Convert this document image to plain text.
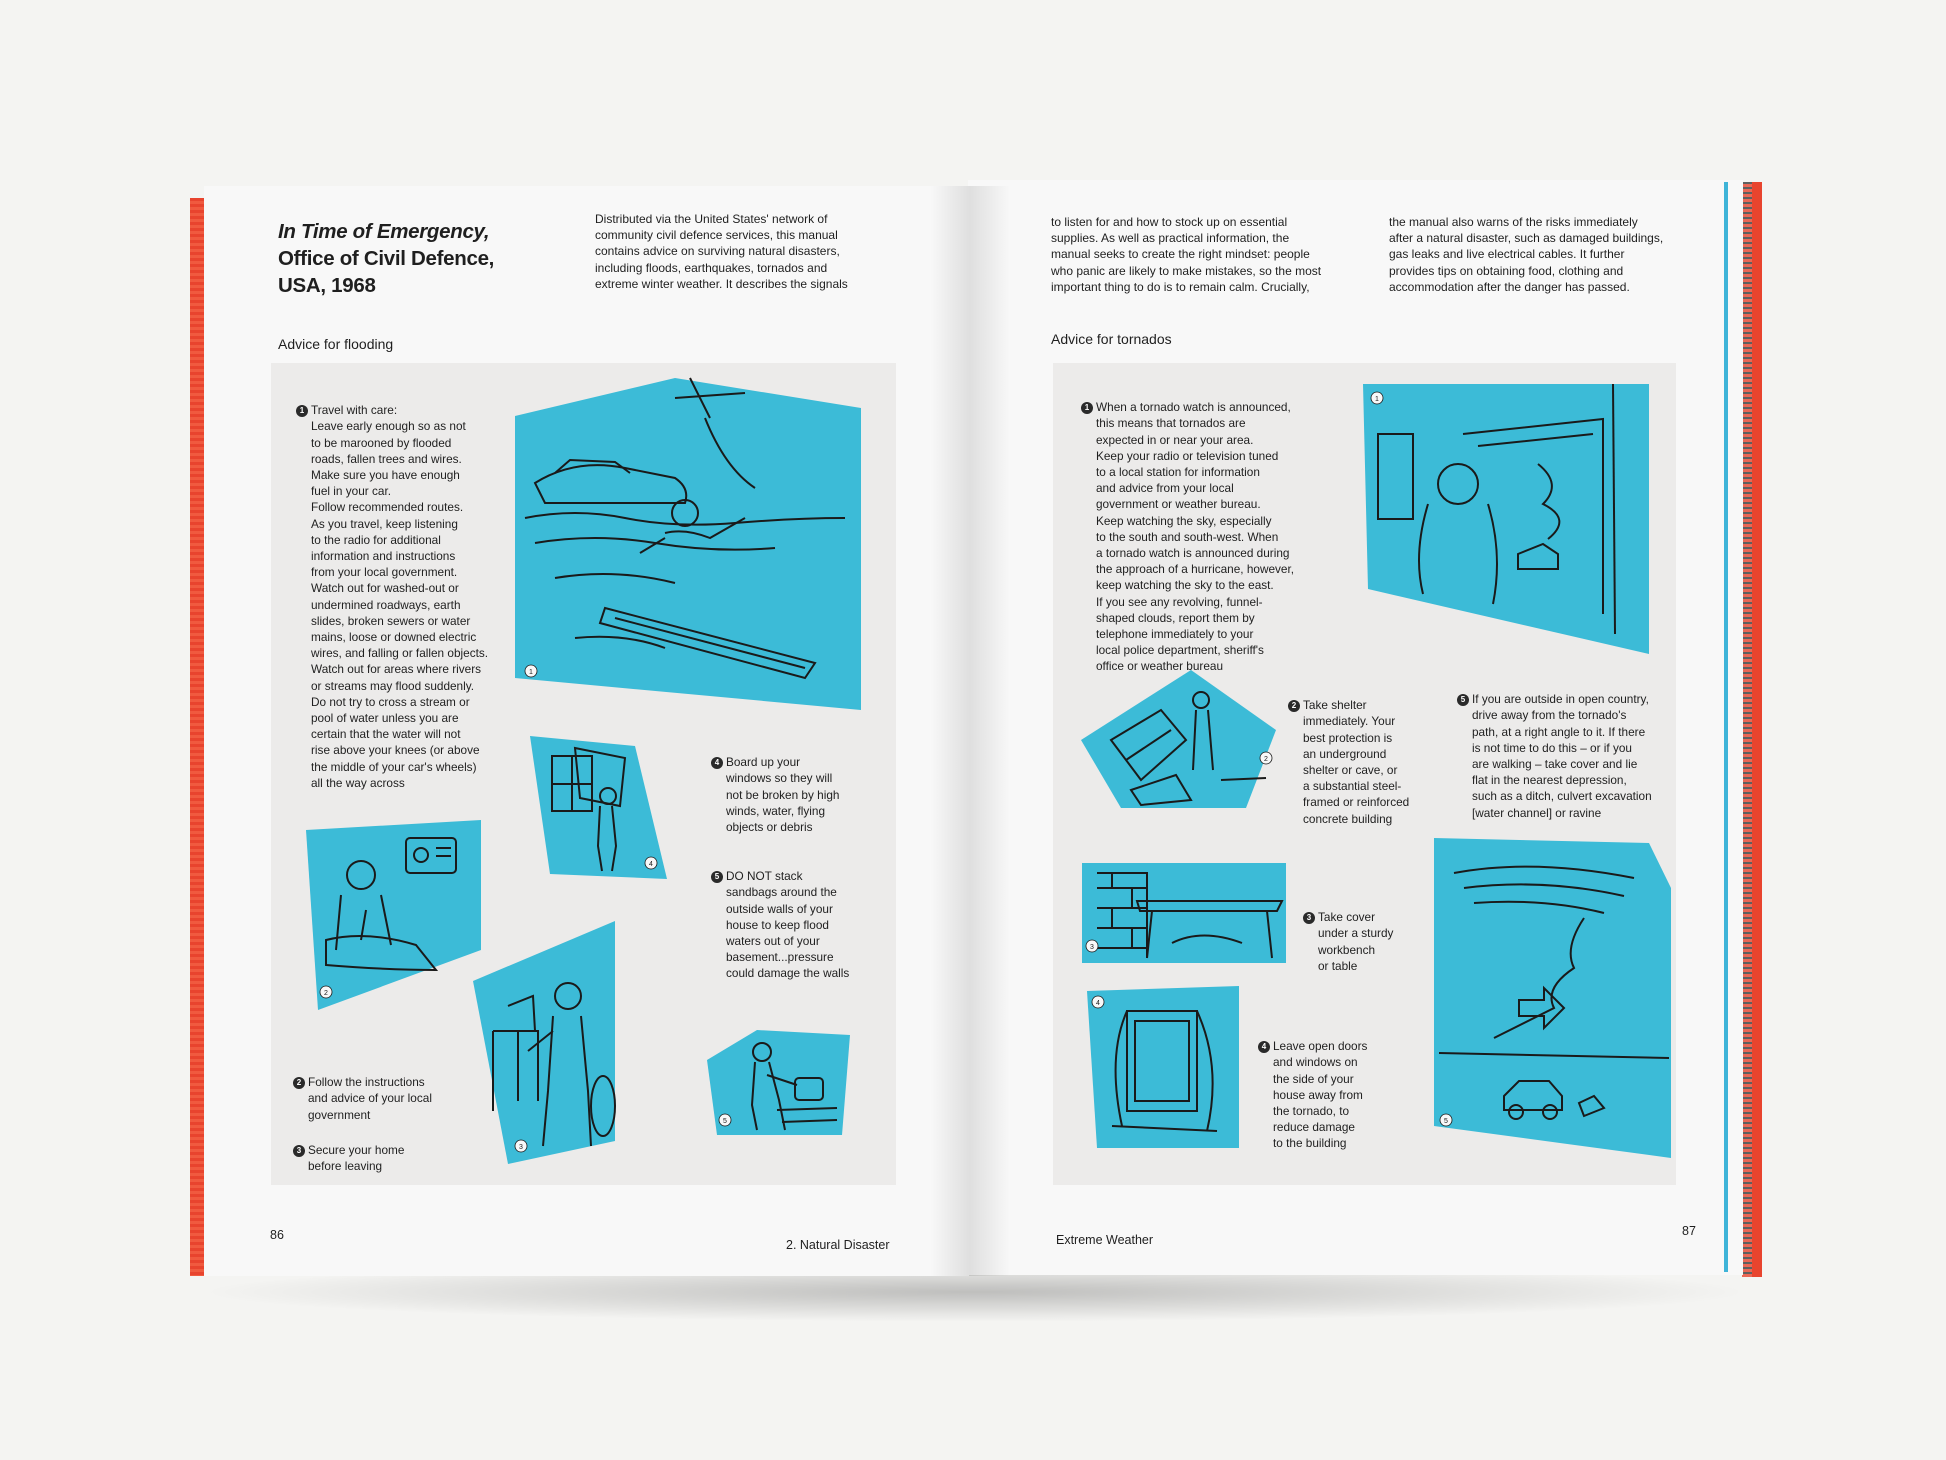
In Time of Emergency,
Office of Civil Defence,
USA, 1968
Distributed via the United States' network of
community civil defence services, this manual
contains advice on surviving natural disasters,
including floods, earthquakes, tornados and
extreme winter weather. It describes the signals
Advice for flooding
to listen for and how to stock up on essential
supplies. As well as practical information, the
manual seeks to create the right mindset: people
who panic are likely to make mistakes, so the most
important thing to do is to remain calm. Crucially,
the manual also warns of the risks immediately
after a natural disaster, such as damaged buildings,
gas leaks and live electrical cables. It further
provides tips on obtaining food, clothing and
accommodation after the danger has passed.
Advice for tornados

1 Travel with care:
Leave early enough so as not
to be marooned by flooded
roads, fallen trees and wires.
Make sure you have enough
fuel in your car.
Follow recommended routes.
As you travel, keep listening
to the radio for additional
information and instructions
from your local government.
Watch out for washed-out or
undermined roadways, earth
slides, broken sewers or water
mains, loose or downed electric
wires, and falling or fallen objects.
Watch out for areas where rivers
or streams may flood suddenly.
Do not try to cross a stream or
pool of water unless you are
certain that the water will not
rise above your knees (or above
the middle of your car's wheels)
all the way across

2 Follow the instructions
and advice of your local
government

3 Secure your home
before leaving

4 Board up your
windows so they will
not be broken by high
winds, water, flying
objects or debris

5 DO NOT stack
sandbags around the
outside walls of your
house to keep flood
waters out of your
basement...pressure
could damage the walls

1 When a tornado watch is announced,
this means that tornados are
expected in or near your area.
Keep your radio or television tuned
to a local station for information
and advice from your local
government or weather bureau.
Keep watching the sky, especially
to the south and south-west. When
a tornado watch is announced during
the approach of a hurricane, however,
keep watching the sky to the east.
If you see any revolving, funnel-
shaped clouds, report them by
telephone immediately to your
local police department, sheriff's
office or weather bureau

2 Take shelter
immediately. Your
best protection is
an underground
shelter or cave, or
a substantial steel-
framed or reinforced
concrete building

5 If you are outside in open country,
drive away from the tornado's
path, at a right angle to it. If there
is not time to do this – or if you
are walking – take cover and lie
flat in the nearest depression,
such as a ditch, culvert excavation
[water channel] or ravine

3 Take cover
under a sturdy
workbench
or table

4 Leave open doors
and windows on
the side of your
house away from
the tornado, to
reduce damage
to the building

1
4
2
3
5
1
2
3
4
5
86
2. Natural Disaster	Extreme Weather
87
